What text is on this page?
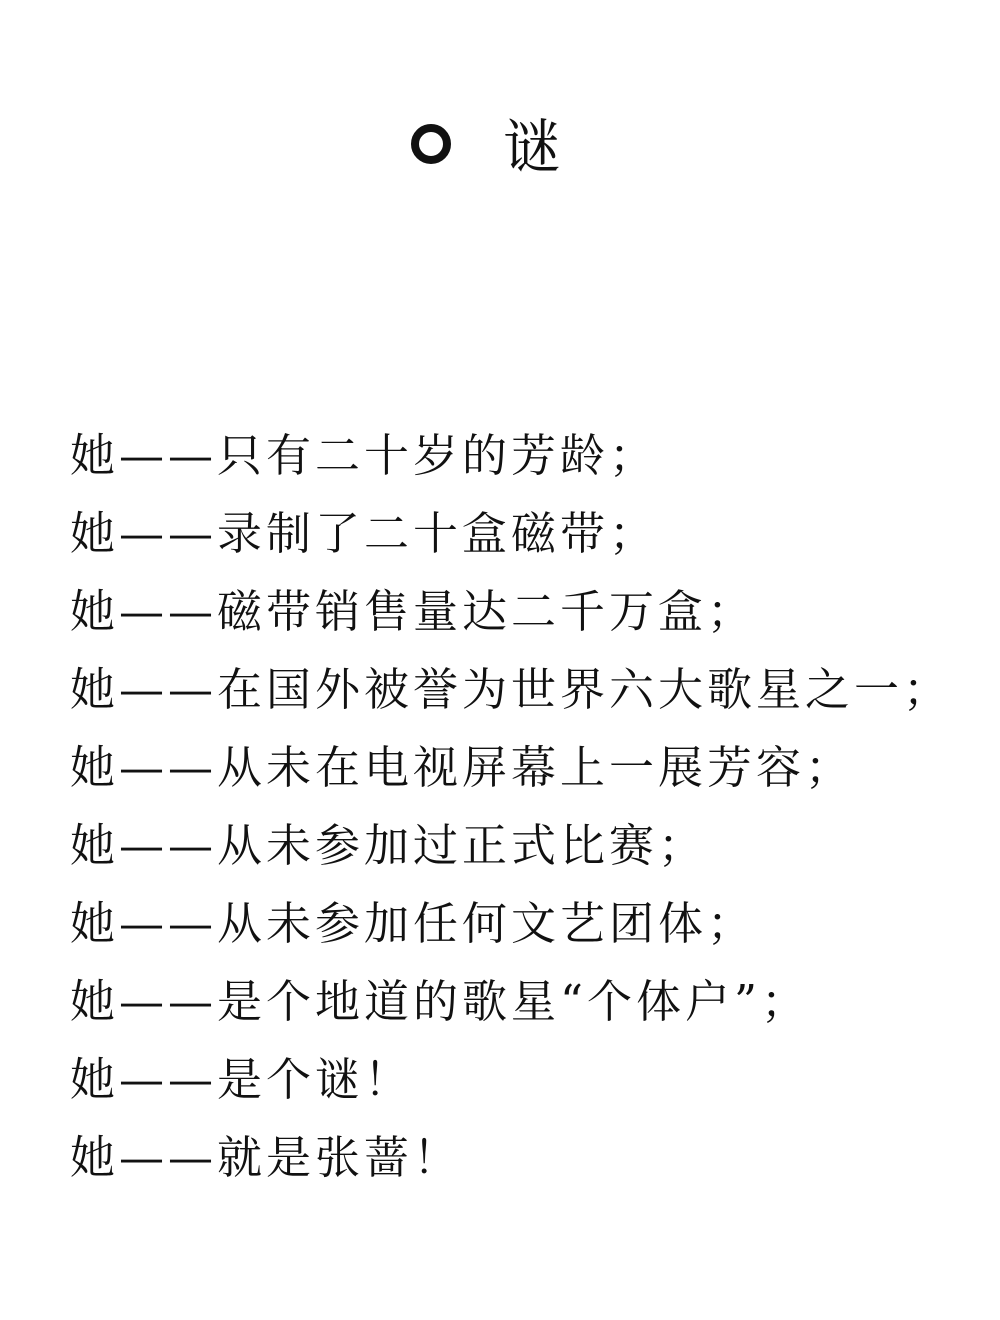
谜
她——只有二十岁的芳龄；
她——录制了二十盒磁带；
她——磁带销售量达二千万盒；
她——在国外被誉为世界六大歌星之一；
她——从未在电视屏幕上一展芳容；
她——从未参加过正式比赛；
她——从未参加任何文艺团体；
她——是个地道的歌星“个体户”；
她——是个谜！
她——就是张蔷！
